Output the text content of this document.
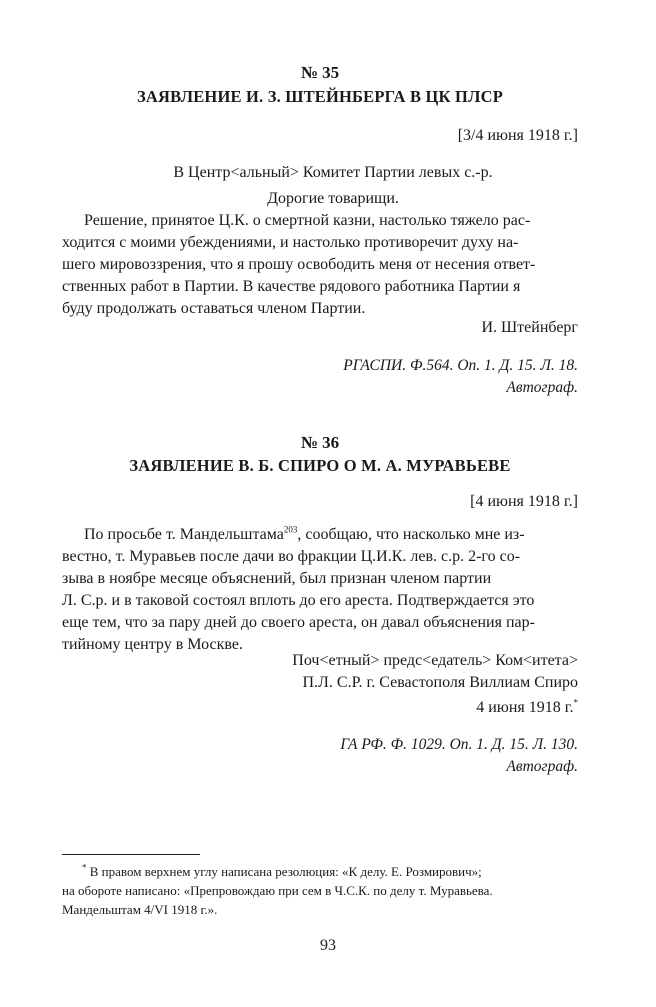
№ 35
ЗАЯВЛЕНИЕ И. З. ШТЕЙНБЕРГА В ЦК ПЛСР
[3/4 июня 1918 г.]
В Центр<альный> Комитет Партии левых с.-р.
Дорогие товарищи.
Решение, принятое Ц.К. о смертной казни, настолько тяжело рас-
ходится с моими убеждениями, и настолько противоречит духу на-
шего мировоззрения, что я прошу освободить меня от несения ответ-
ственных работ в Партии. В качестве рядового работника Партии я
буду продолжать оставаться членом Партии.
И. Штейнберг
РГАСПИ. Ф.564. Оп. 1. Д. 15. Л. 18.
Автограф.
№ 36
ЗАЯВЛЕНИЕ В. Б. СПИРО О М. А. МУРАВЬЕВЕ
[4 июня 1918 г.]
По просьбе т. Мандельштама$^{203}$, сообщаю, что насколько мне из-
вестно, т. Муравьев после дачи во фракции Ц.И.К. лев. с.р. 2-го со-
зыва в ноябре месяце объяснений, был признан членом партии
Л. С.р. и в таковой состоял вплоть до его ареста. Подтверждается это
еще тем, что за пару дней до своего ареста, он давал объяснения пар-
тийному центру в Москве.
Поч<етный> предс<едатель> Ком<итета>
П.Л. С.Р. г. Севастополя Виллиам Спиро
4 июня 1918 г.*
ГА РФ. Ф. 1029. Оп. 1. Д. 15. Л. 130.
Автограф.
* В правом верхнем углу написана резолюция: «К делу. Е. Розмирович»;
на обороте написано: «Препровождаю при сем в Ч.С.К. по делу т. Муравьева.
Мандельштам 4/VI 1918 г.».
93
